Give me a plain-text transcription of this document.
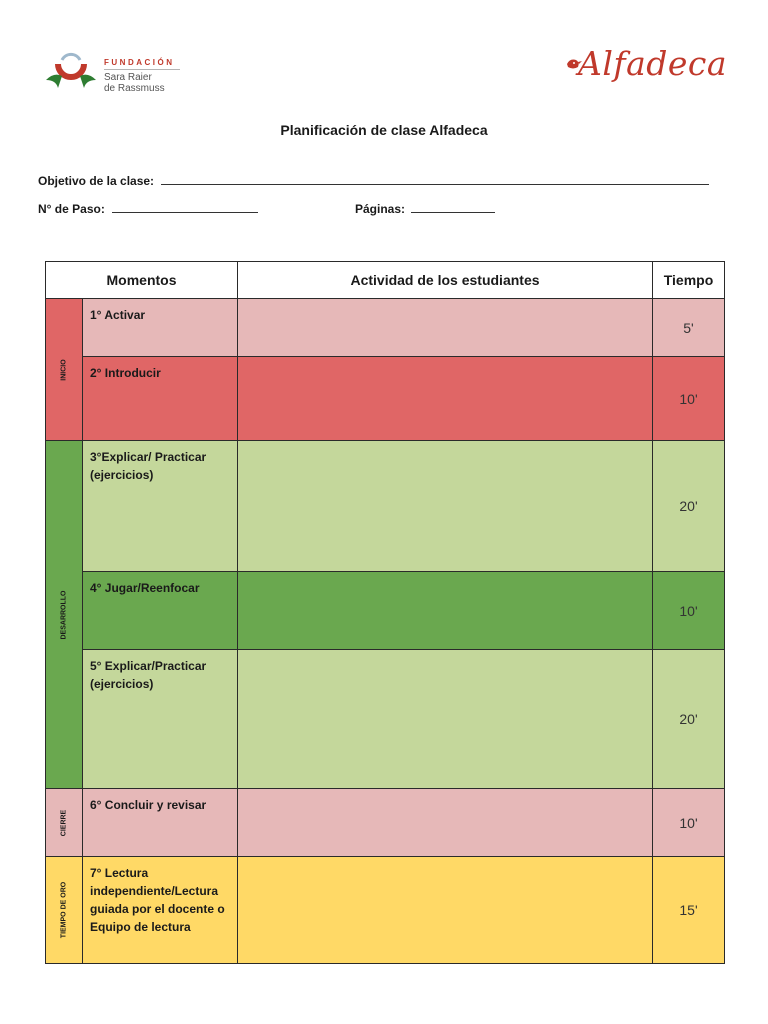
FUNDACIÓN
Sara Raier
de Rassmuss
Alfadeca
Planificación de clase Alfadeca
Objetivo de la clase:
N° de Paso:	Páginas:
Momentos		Actividad de los estudiantes	Tiempo

INICIO	1° Activar		5'
	2° Introducir		10'

DESARROLLO	3°Explicar/ Practicar (ejercicios)		20'
	4° Jugar/Reenfocar		10'
	5° Explicar/Practicar (ejercicios)		20'

CIERRE	6° Concluir y revisar		10'

TIEMPO DE ORO	7° Lectura independiente/Lectura guiada por el docente o Equipo de lectura		15'
